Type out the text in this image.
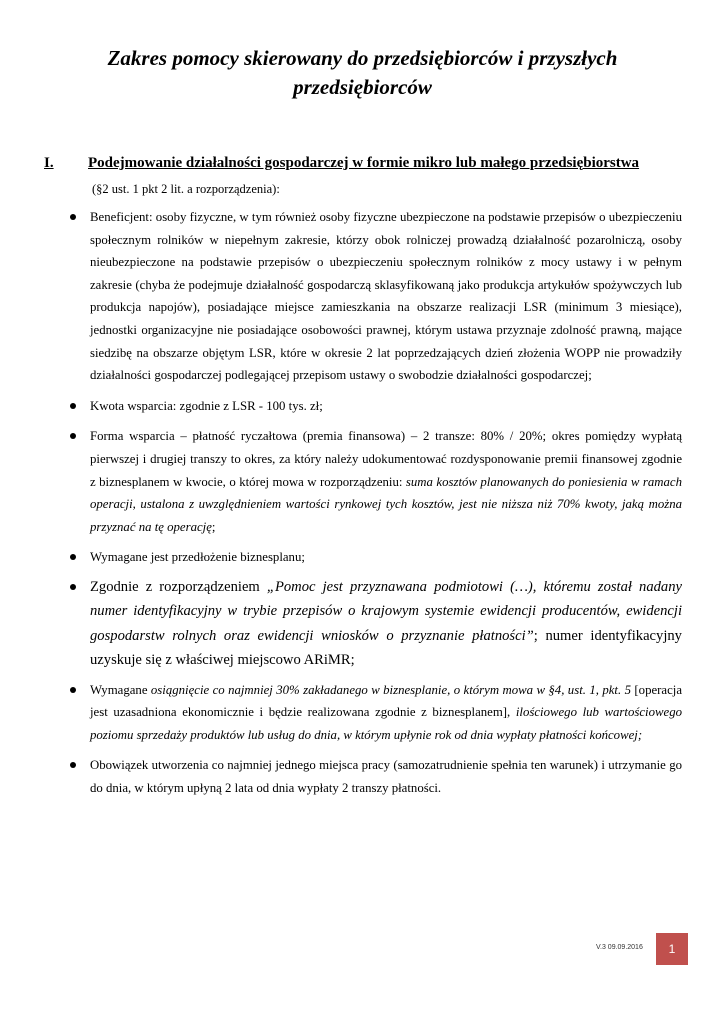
Zakres pomocy skierowany do przedsiębiorców i przyszłych
przedsiębiorców
I. Podejmowanie działalności gospodarczej w formie mikro lub małego przedsiębiorstwa
(§2 ust. 1 pkt 2 lit. a rozporządzenia):

Beneficjent: osoby fizyczne, w tym również osoby fizyczne ubezpieczone na podstawie przepisów o ubezpieczeniu społecznym rolników w niepełnym zakresie, którzy obok rolniczej prowadzą działalność pozarolniczą, osoby nieubezpieczone na podstawie przepisów o ubezpieczeniu społecznym rolników z mocy ustawy i w pełnym zakresie (chyba że podejmuje działalność gospodarczą sklasyfikowaną jako produkcja artykułów spożywczych lub produkcja napojów), posiadające miejsce zamieszkania na obszarze realizacji LSR (minimum 3 miesiące), jednostki organizacyjne nie posiadające osobowości prawnej, którym ustawa przyznaje zdolność prawną, mające siedzibę na obszarze objętym LSR, które w okresie 2 lat poprzedzających dzień złożenia WOPP nie prowadziły działalności gospodarczej podlegającej przepisom ustawy o swobodzie działalności gospodarczej;

Kwota wsparcia: zgodnie z LSR - 100 tys. zł;

Forma wsparcia – płatność ryczałtowa (premia finansowa) – 2 transze: 80% / 20%; okres pomiędzy wypłatą pierwszej i drugiej transzy to okres, za który należy udokumentować rozdysponowanie premii finansowej zgodnie z biznesplanem w kwocie, o której mowa w rozporządzeniu: suma kosztów planowanych do poniesienia w ramach operacji, ustalona z uwzględnieniem wartości rynkowej tych kosztów, jest nie niższa niż 70% kwoty, jaką można przyznać na tę operację;

Wymagane jest przedłożenie biznesplanu;

Zgodnie z rozporządzeniem „Pomoc jest przyznawana podmiotowi (…), któremu został nadany numer identyfikacyjny w trybie przepisów o krajowym systemie ewidencji producentów, ewidencji gospodarstw rolnych oraz ewidencji wniosków o przyznanie płatności”; numer identyfikacyjny uzyskuje się z właściwej miejscowo ARiMR;

Wymagane osiągnięcie co najmniej 30% zakładanego w biznesplanie, o którym mowa w §4, ust. 1, pkt. 5 [operacja jest uzasadniona ekonomicznie i będzie realizowana zgodnie z biznesplanem], ilościowego lub wartościowego poziomu sprzedaży produktów lub usług do dnia, w którym upłynie rok od dnia wypłaty płatności końcowej;

Obowiązek utworzenia co najmniej jednego miejsca pracy (samozatrudnienie spełnia ten warunek) i utrzymanie go do dnia, w którym upłyną 2 lata od dnia wypłaty 2 transzy płatności.

V.3 09.09.2016	1
